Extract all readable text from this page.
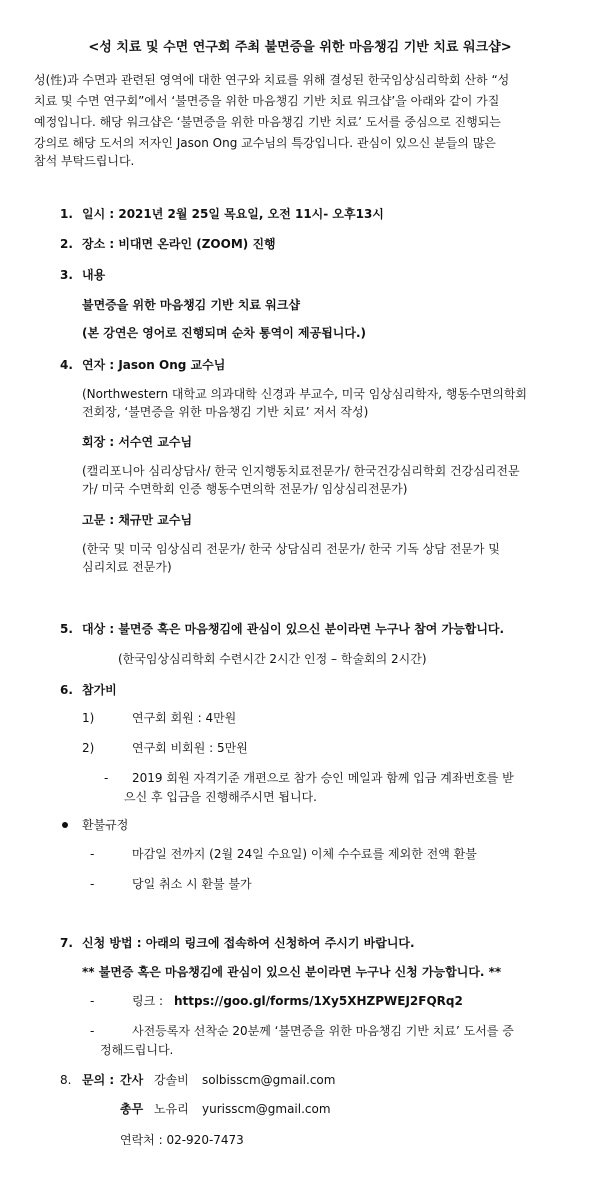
<성 치료 및 수면 연구회 주최 불면증을 위한 마음챙김 기반 치료 워크샵>
성(性)과 수면과 관련된 영역에 대한 연구와 치료를 위해 결성된 한국임상심리학회 산하 “성
치료 및 수면 연구회”에서 ‘불면증을 위한 마음챙김 기반 치료 워크샵’을 아래와 같이 가질
예정입니다. 해당 워크샵은 ‘불면증을 위한 마음챙김 기반 치료’ 도서를 중심으로 진행되는
강의로 해당 도서의 저자인 Jason Ong 교수님의 특강입니다. 관심이 있으신 분들의 많은
참석 부탁드립니다.
1. 일시 : 2021년 2월 25일 목요일, 오전 11시- 오후13시
2. 장소 : 비대면 온라인 (ZOOM) 진행
3. 내용
불면증을 위한 마음챙김 기반 치료 워크샵
(본 강연은 영어로 진행되며 순차 통역이 제공됩니다.)
4. 연자 : Jason Ong 교수님
(Northwestern 대학교 의과대학 신경과 부교수, 미국 임상심리학자, 행동수면의학회
전회장, ‘불면증을 위한 마음챙김 기반 치료’ 저서 작성)
회장 : 서수연 교수님
(캘리포니아 심리상담사/ 한국 인지행동치료전문가/ 한국건강심리학회 건강심리전문
가/ 미국 수면학회 인증 행동수면의학 전문가/ 임상심리전문가)
고문 : 채규만 교수님
(한국 및 미국 임상심리 전문가/ 한국 상담심리 전문가/ 한국 기독 상담 전문가 및
심리치료 전문가)
5. 대상 : 불면증 혹은 마음챙김에 관심이 있으신 분이라면 누구나 참여 가능합니다.
(한국임상심리학회 수련시간 2시간 인정 – 학술회의 2시간)
6. 참가비
1)	연구회 회원 : 4만원
2)	연구회 비회원 : 5만원
- 2019 회원 자격기준 개편으로 참가 승인 메일과 함께 입금 계좌번호를 받
으신 후 입금을 진행해주시면 됩니다.
환불규정
-	마감일 전까지 (2월 24일 수요일) 이체 수수료를 제외한 전액 환불
-	당일 취소 시 환불 불가
7. 신청 방법 : 아래의 링크에 접속하여 신청하여 주시기 바랍니다.
** 불면증 혹은 마음챙김에 관심이 있으신 분이라면 누구나 신청 가능합니다. **
-	링크 : https://goo.gl/forms/1Xy5XHZPWEJ2FQRq2
-	사전등록자 선착순 20분께 ‘불면증을 위한 마음챙김 기반 치료’ 도서를 증
정해드립니다.
8. 문의 : 간사 강솔비 solbisscm@gmail.com
총무 노유리 yurisscm@gmail.com
연락처 : 02-920-7473
